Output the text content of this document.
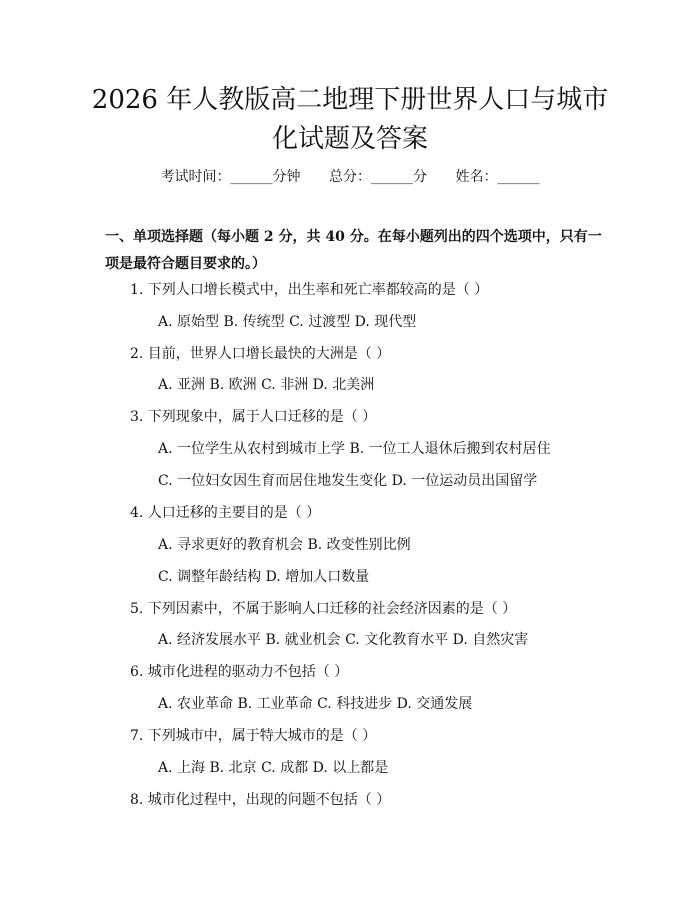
2026 年人教版高二地理下册世界人口与城市
化试题及答案
考试时间：______分钟 总分：______分 姓名：______
一、单项选择题（每小题 2 分，共 40 分。在每小题列出的四个选项中，只有一项是最符合题目要求的。）
1. 下列人口增长模式中，出生率和死亡率都较高的是（ ）
A. 原始型 B. 传统型 C. 过渡型 D. 现代型
2. 目前，世界人口增长最快的大洲是（ ）
A. 亚洲 B. 欧洲 C. 非洲 D. 北美洲
3. 下列现象中，属于人口迁移的是（ ）
A. 一位学生从农村到城市上学 B. 一位工人退休后搬到农村居住
C. 一位妇女因生育而居住地发生变化 D. 一位运动员出国留学
4. 人口迁移的主要目的是（ ）
A. 寻求更好的教育机会 B. 改变性别比例
C. 调整年龄结构 D. 增加人口数量
5. 下列因素中，不属于影响人口迁移的社会经济因素的是（ ）
A. 经济发展水平 B. 就业机会 C. 文化教育水平 D. 自然灾害
6. 城市化进程的驱动力不包括（ ）
A. 农业革命 B. 工业革命 C. 科技进步 D. 交通发展
7. 下列城市中，属于特大城市的是（ ）
A. 上海 B. 北京 C. 成都 D. 以上都是
8. 城市化过程中，出现的问题不包括（ ）
